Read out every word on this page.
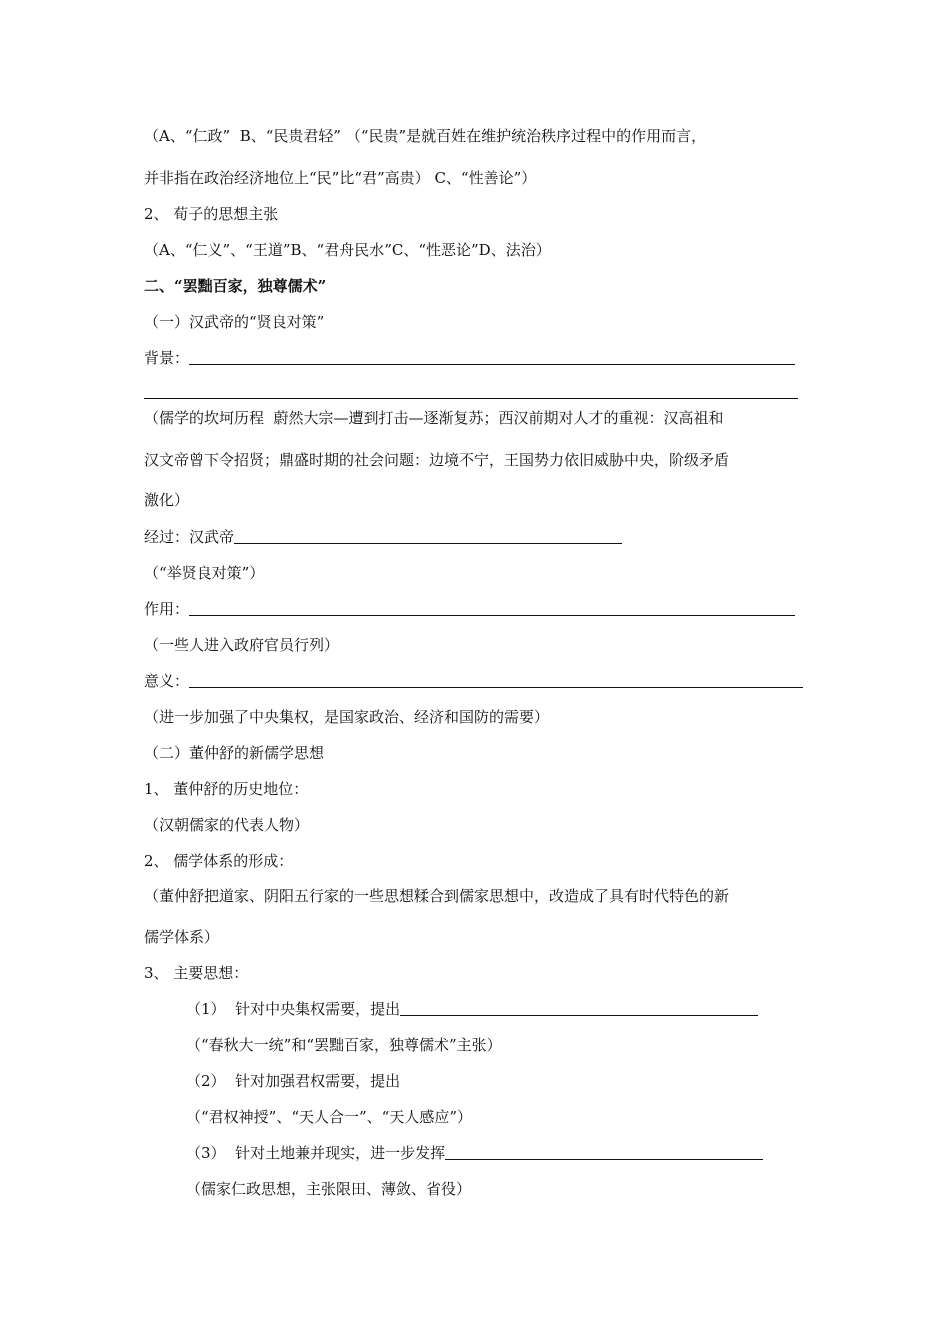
（A、“仁政”  B、“民贵君轻” （“民贵”是就百姓在维护统治秩序过程中的作用而言，
并非指在政治经济地位上“民”比“君”高贵） C、“性善论”）
2、 荀子的思想主张
（A、“仁义”、“王道”B、“君舟民水”C、“性恶论”D、法治）
二、“罢黜百家，独尊儒术”
（一）汉武帝的“贤良对策”
背景：
（儒学的坎坷历程  蔚然大宗—遭到打击—逐渐复苏；西汉前期对人才的重视：汉高祖和
汉文帝曾下令招贤；鼎盛时期的社会问题：边境不宁，王国势力依旧威胁中央，阶级矛盾
激化）
经过：汉武帝
（“举贤良对策”）
作用：
（一些人进入政府官员行列）
意义：
（进一步加强了中央集权，是国家政治、经济和国防的需要）
（二）董仲舒的新儒学思想
1、 董仲舒的历史地位：
（汉朝儒家的代表人物）
2、 儒学体系的形成：
（董仲舒把道家、阴阳五行家的一些思想糅合到儒家思想中，改造成了具有时代特色的新
儒学体系）
3、 主要思想：
（1）  针对中央集权需要，提出
（“春秋大一统”和“罢黜百家，独尊儒术”主张）
（2）  针对加强君权需要，提出
（“君权神授”、“天人合一”、“天人感应”）
（3）  针对土地兼并现实，进一步发挥
（儒家仁政思想，主张限田、薄敛、省役）
